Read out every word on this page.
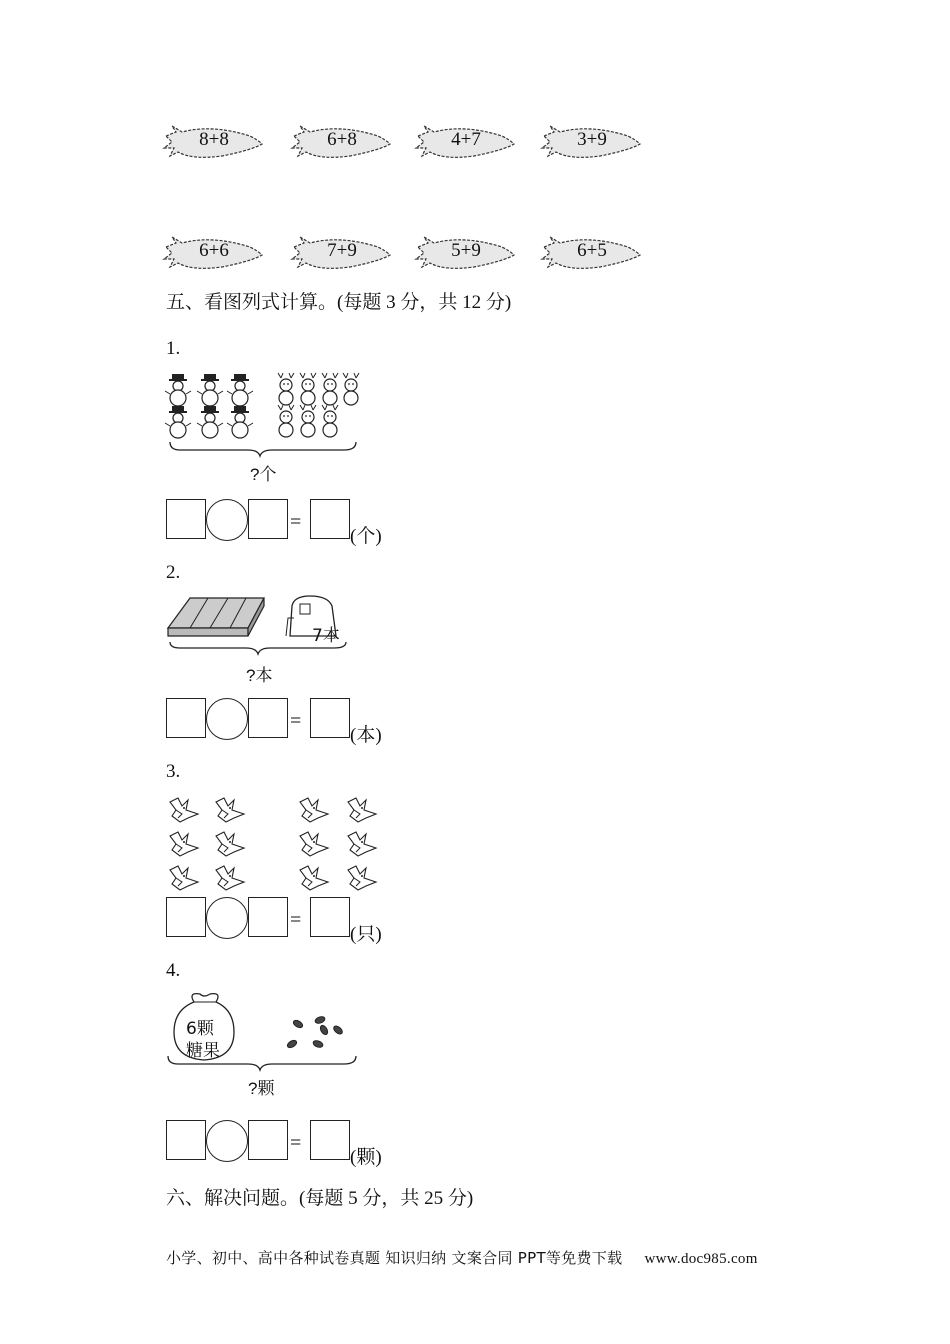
8+8	6+8	4+7	3+9
6+6	7+9	5+9	6+5
五、看图列式计算。(每题 3 分，共 12 分)
1.
?个
=
(个)
2.
7本
?本
=
(本)
3.
=
(只)
4.
6颗
糖果
?颗
=
(颗)
六、解决问题。(每题 5 分，共 25 分)
小学、初中、高中各种试卷真题 知识归纳 文案合同 PPT等免费下载 www.doc985.com
